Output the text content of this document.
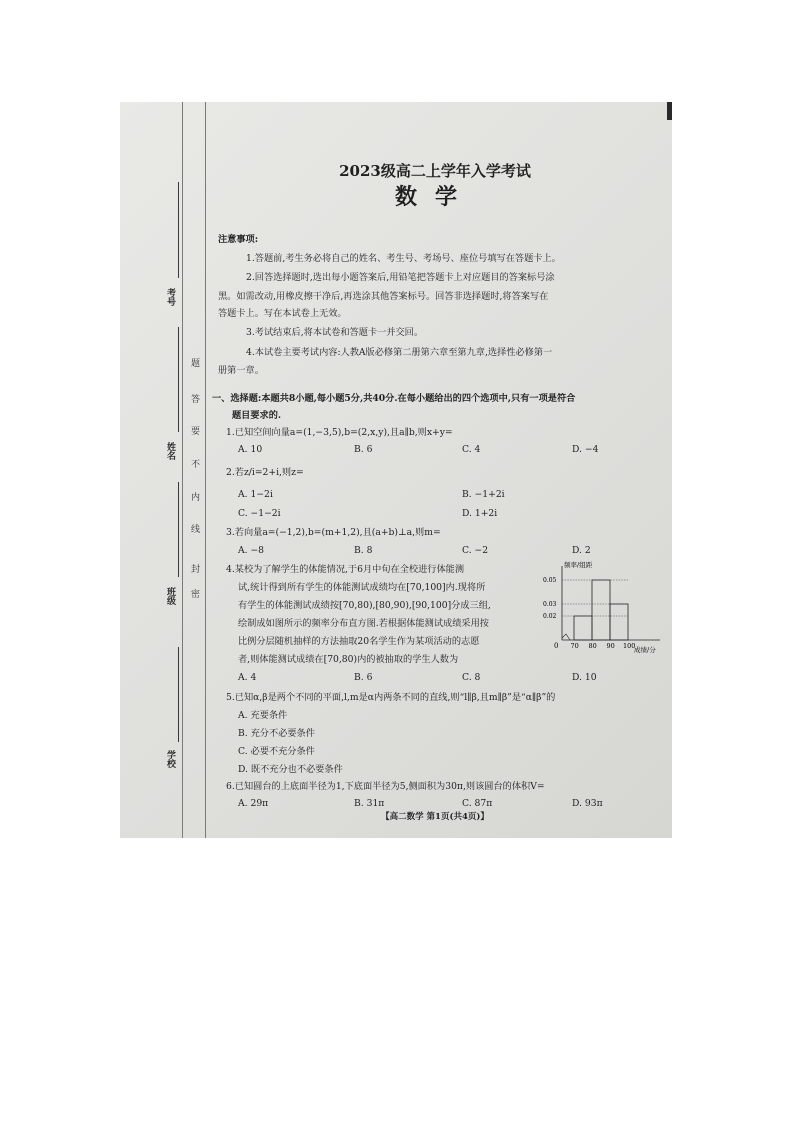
考号
姓名
班级
学校
密
封
线
内
不
要
答
题
2023级高二上学年入学考试
数学
注意事项:
1.答题前,考生务必将自己的姓名、考生号、考场号、座位号填写在答题卡上。
2.回答选择题时,选出每小题答案后,用铅笔把答题卡上对应题目的答案标号涂
黑。如需改动,用橡皮擦干净后,再选涂其他答案标号。回答非选择题时,将答案写在
答题卡上。写在本试卷上无效。
3.考试结束后,将本试卷和答题卡一并交回。
4.本试卷主要考试内容:人教A版必修第二册第六章至第九章,选择性必修第一
册第一章。
一、选择题:本题共8小题,每小题5分,共40分.在每小题给出的四个选项中,只有一项是符合
题目要求的.
1.已知空间向量a=(1,−3,5),b=(2,x,y),且a∥b,则x+y=
A. 10	B. 6	C. 4	D. −4
2.若z/i=2+i,则z=
A. 1−2i	B. −1+2i
C. −1−2i	D. 1+2i
3.若向量a=(−1,2),b=(m+1,2),且(a+b)⊥a,则m=
A. −8	B. 8	C. −2	D. 2
4.某校为了解学生的体能情况,于6月中旬在全校进行体能测
试,统计得到所有学生的体能测试成绩均在[70,100]内.现将所
有学生的体能测试成绩按[70,80),[80,90),[90,100]分成三组,
绘制成如图所示的频率分布直方图.若根据体能测试成绩采用按
比例分层随机抽样的方法抽取20名学生作为某项活动的志愿
者,则体能测试成绩在[70,80)内的被抽取的学生人数为
A. 4	B. 6	C. 8	D. 10
0
频率/组距
成绩/分
0.05
0.03
0.02
70 80 90 100
5.已知α,β是两个不同的平面,l,m是α内两条不同的直线,则“l∥β,且m∥β”是“α∥β”的
A. 充要条件
B. 充分不必要条件
C. 必要不充分条件
D. 既不充分也不必要条件
6.已知圆台的上底面半径为1,下底面半径为5,侧面积为30π,则该圆台的体积V=
A. 29π	B. 31π	C. 87π	D. 93π
【高二数学 第1页(共4页)】
